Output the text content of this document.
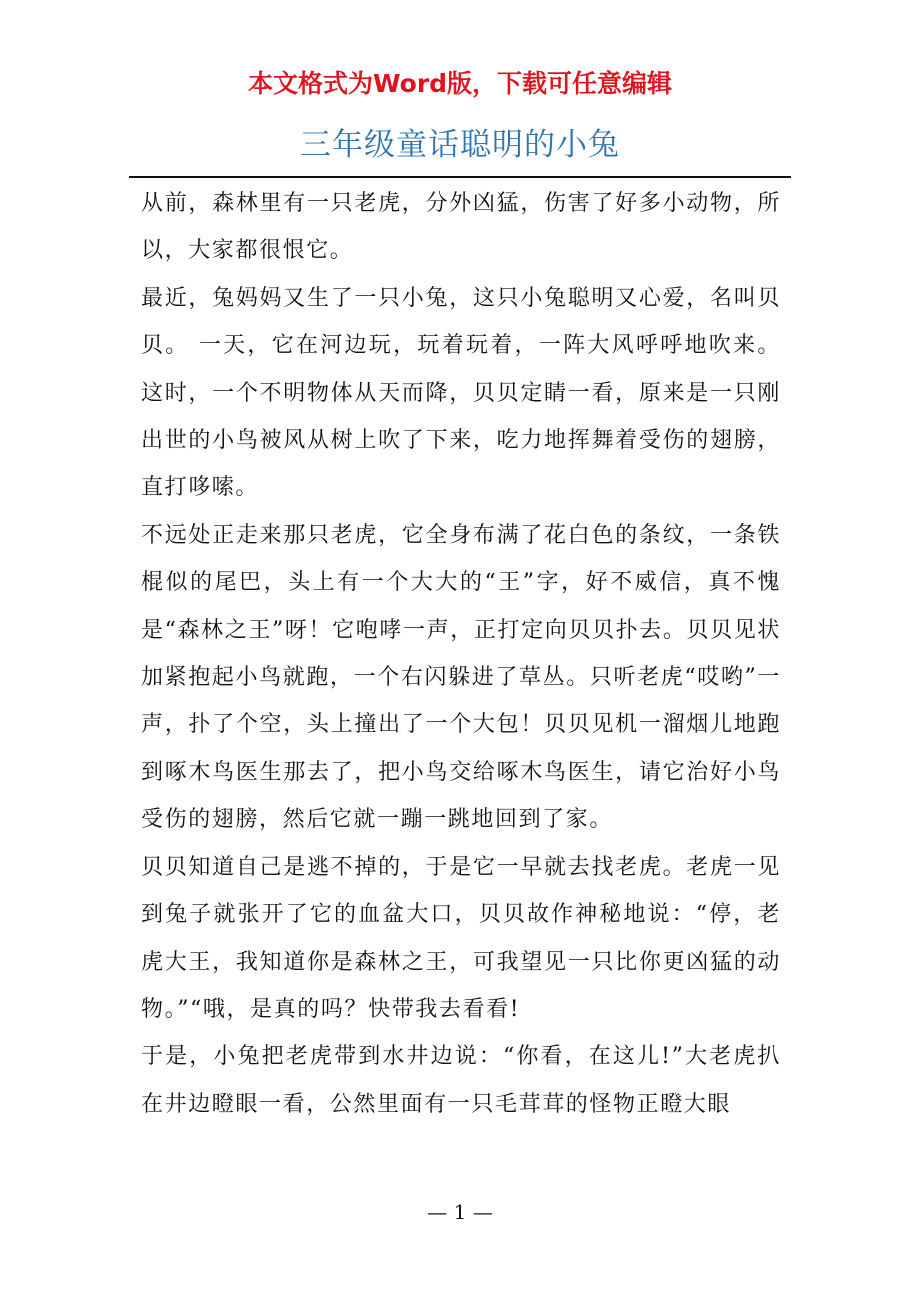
本文格式为Word版，下载可任意编辑
三年级童话聪明的小兔

从前，森林里有一只老虎，分外凶猛，伤害了好多小动物，所以，大家都很恨它。

最近，兔妈妈又生了一只小兔，这只小兔聪明又心爱，名叫贝贝。 一天，它在河边玩，玩着玩着，一阵大风呼呼地吹来。这时，一个不明物体从天而降，贝贝定睛一看，原来是一只刚出世的小鸟被风从树上吹了下来，吃力地挥舞着受伤的翅膀，直打哆嗦。

不远处正走来那只老虎，它全身布满了花白色的条纹，一条铁棍似的尾巴，头上有一个大大的“王”字，好不威信，真不愧是“森林之王”呀！它咆哮一声，正打定向贝贝扑去。贝贝见状加紧抱起小鸟就跑，一个右闪躲进了草丛。只听老虎“哎哟”一声，扑了个空，头上撞出了一个大包！贝贝见机一溜烟儿地跑到啄木鸟医生那去了，把小鸟交给啄木鸟医生，请它治好小鸟受伤的翅膀，然后它就一蹦一跳地回到了家。

贝贝知道自己是逃不掉的，于是它一早就去找老虎。老虎一见到兔子就张开了它的血盆大口，贝贝故作神秘地说：“停，老虎大王，我知道你是森林之王，可我望见一只比你更凶猛的动物。”“哦，是真的吗？快带我去看看!

于是，小兔把老虎带到水井边说：“你看，在这儿!”大老虎扒在井边瞪眼一看，公然里面有一只毛茸茸的怪物正瞪大眼

— 1 —
